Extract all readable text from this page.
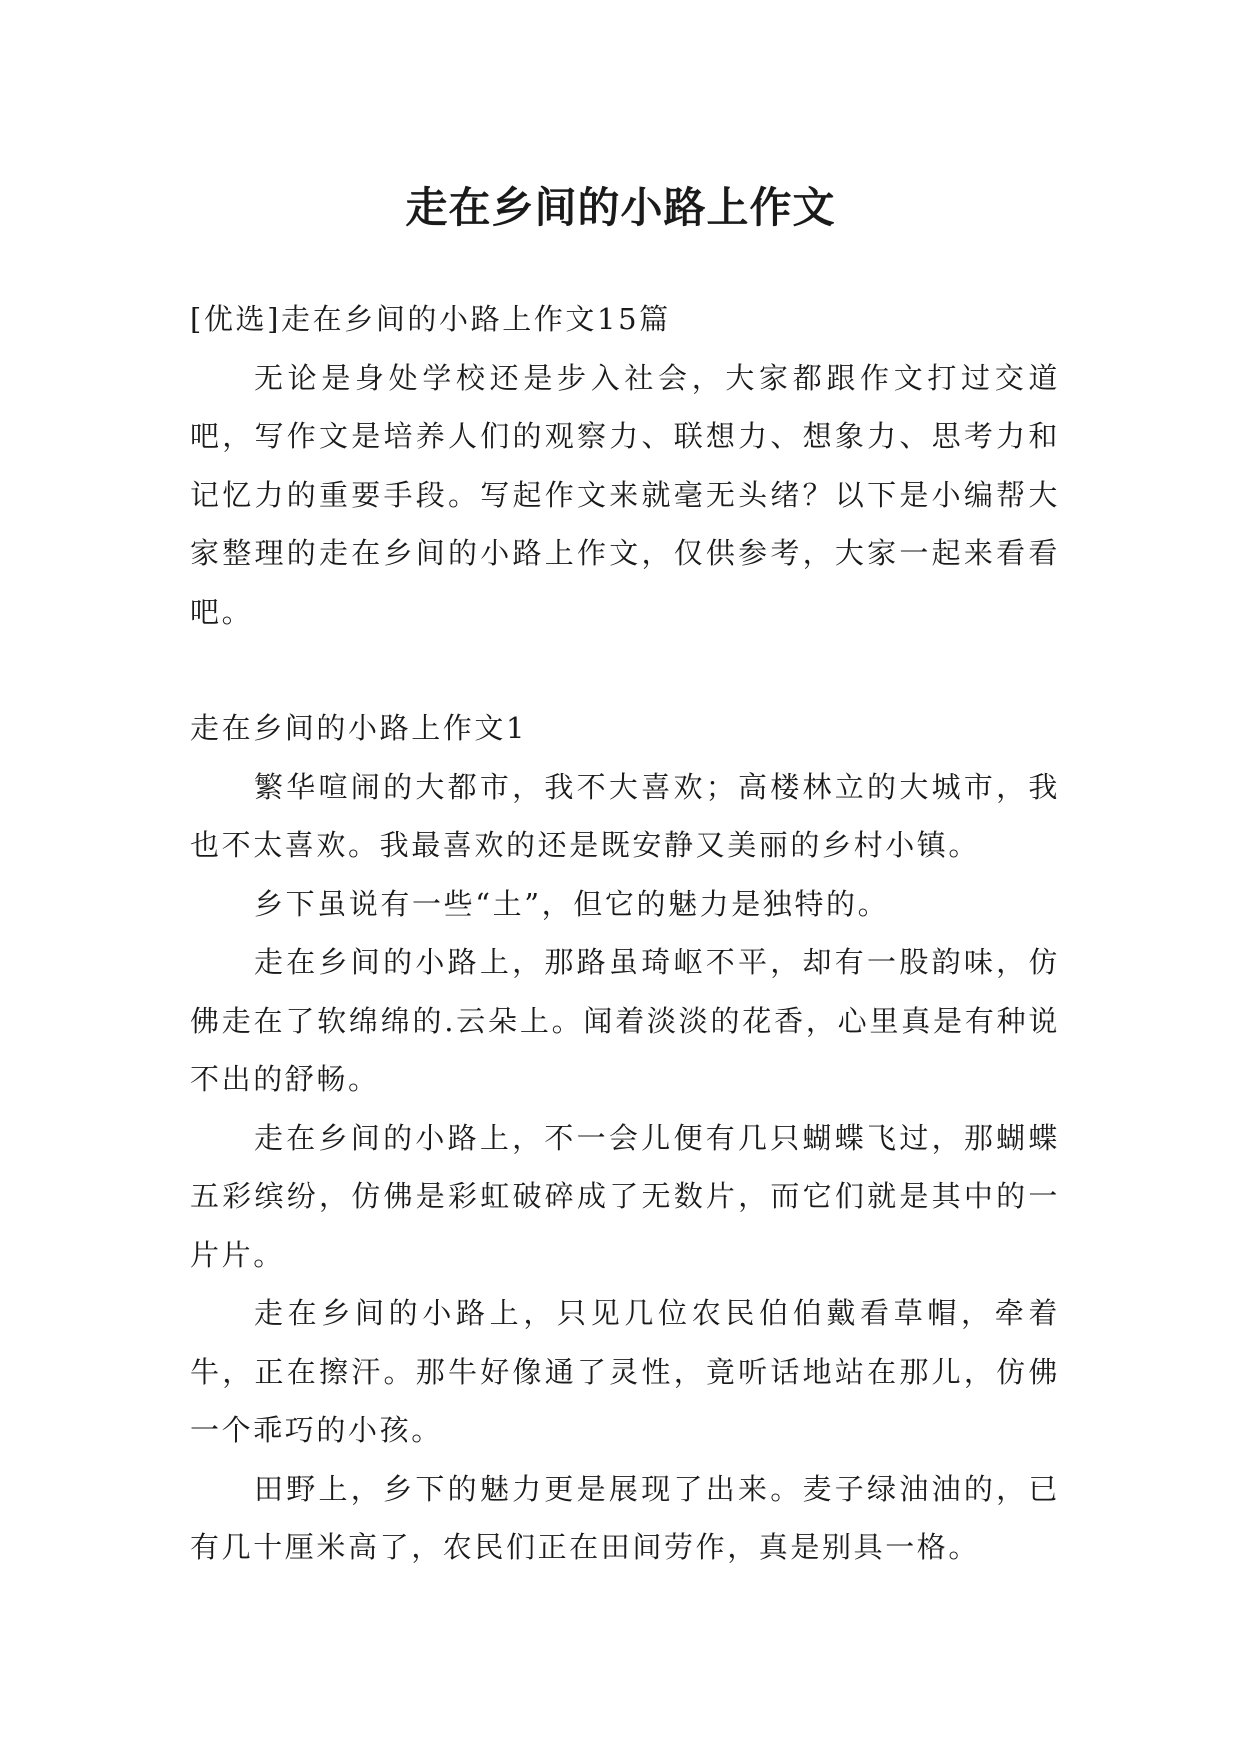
走在乡间的小路上作文

[优选]走在乡间的小路上作文15篇

无论是身处学校还是步入社会，大家都跟作文打过交道吧，写作文是培养人们的观察力、联想力、想象力、思考力和记忆力的重要手段。写起作文来就毫无头绪？以下是小编帮大家整理的走在乡间的小路上作文，仅供参考，大家一起来看看吧。

走在乡间的小路上作文1

繁华喧闹的大都市，我不大喜欢；高楼林立的大城市，我也不太喜欢。我最喜欢的还是既安静又美丽的乡村小镇。

乡下虽说有一些“土”，但它的魅力是独特的。

走在乡间的小路上，那路虽琦岖不平，却有一股韵味，仿佛走在了软绵绵的.云朵上。闻着淡淡的花香，心里真是有种说不出的舒畅。

走在乡间的小路上，不一会儿便有几只蝴蝶飞过，那蝴蝶五彩缤纷，仿佛是彩虹破碎成了无数片，而它们就是其中的一片片。

走在乡间的小路上，只见几位农民伯伯戴看草帽，牵着牛，正在擦汗。那牛好像通了灵性，竟听话地站在那儿，仿佛一个乖巧的小孩。

田野上，乡下的魅力更是展现了出来。麦子绿油油的，已有几十厘米高了，农民们正在田间劳作，真是别具一格。
